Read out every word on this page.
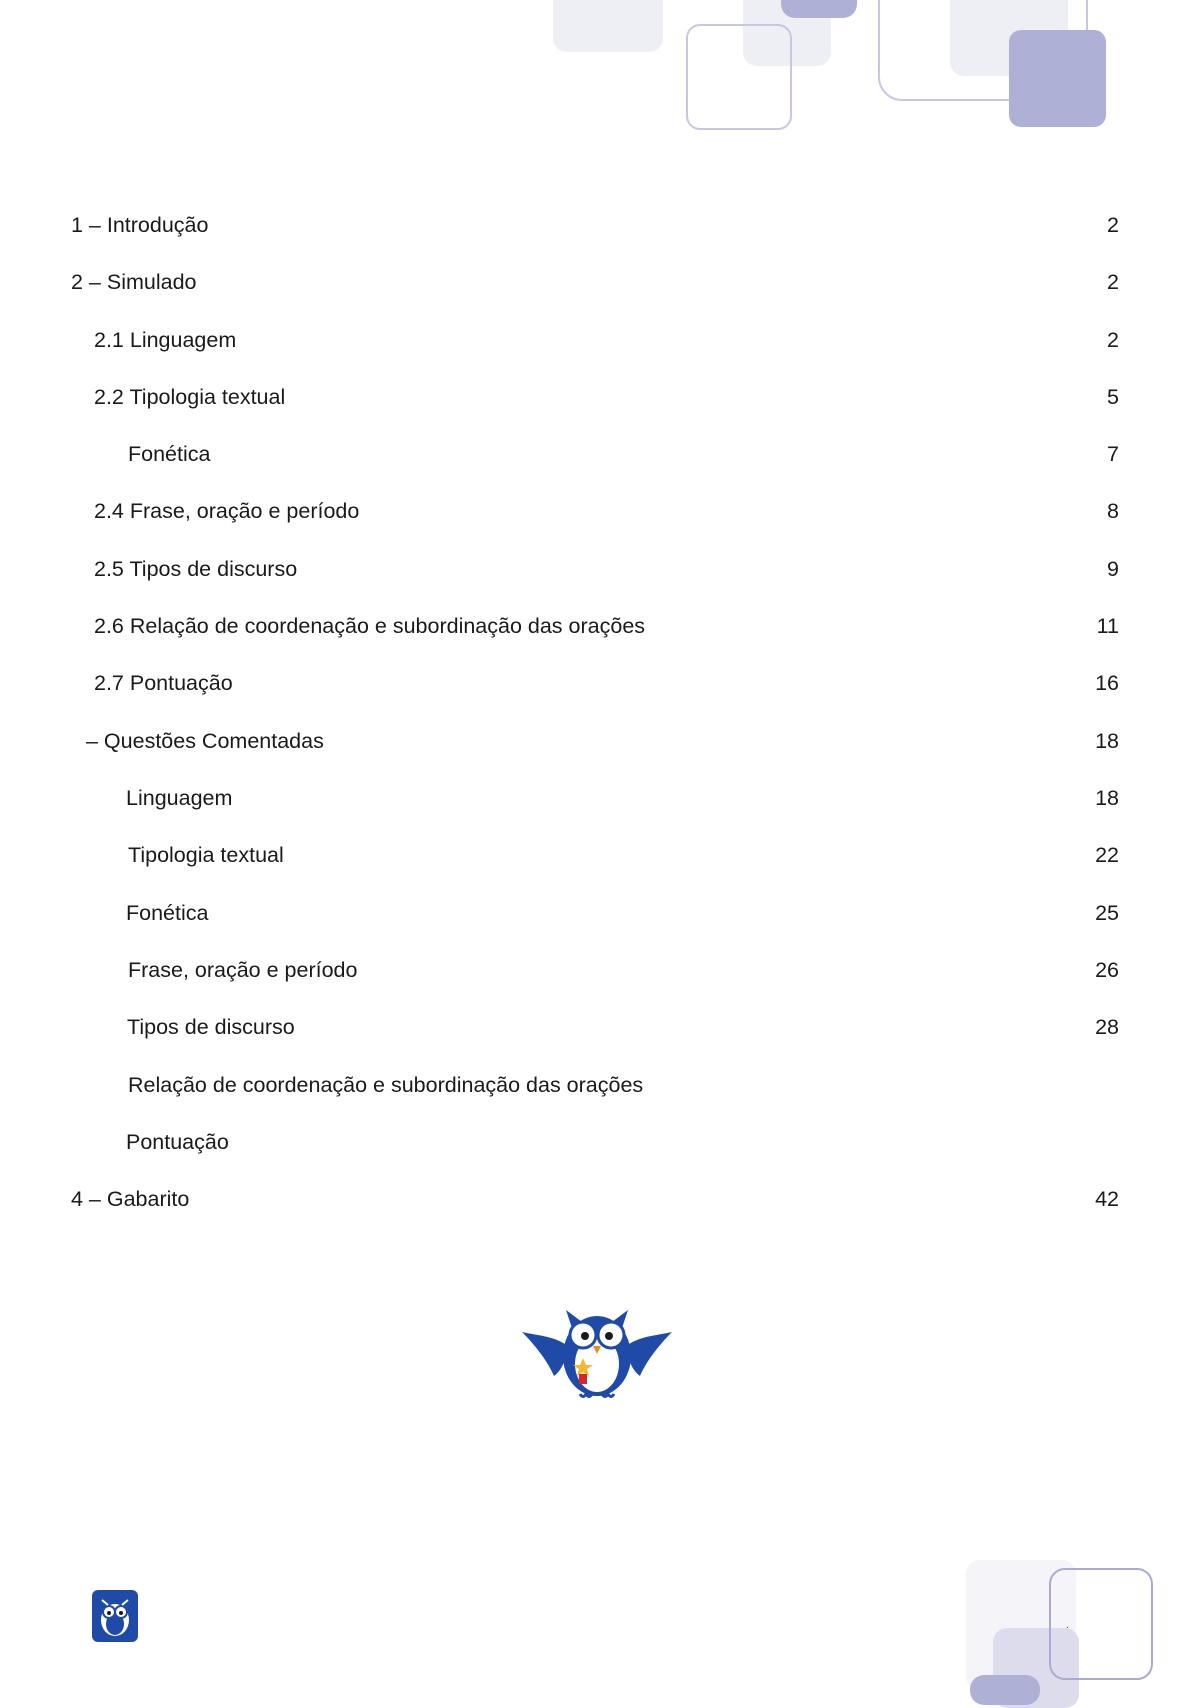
1 – Introdução	2
2 – Simulado	2
2.1 Linguagem	2
2.2 Tipologia textual	5
Fonética	7
2.4 Frase, oração e período	8
2.5 Tipos de discurso	9
2.6 Relação de coordenação e subordinação das orações	11
2.7 Pontuação	16
– Questões Comentadas	18
Linguagem	18
Tipologia textual	22
Fonética	25
Frase, oração e período	26
Tipos de discurso	28
Relação de coordenação e subordinação das orações
Pontuação
4 – Gabarito	42
.
